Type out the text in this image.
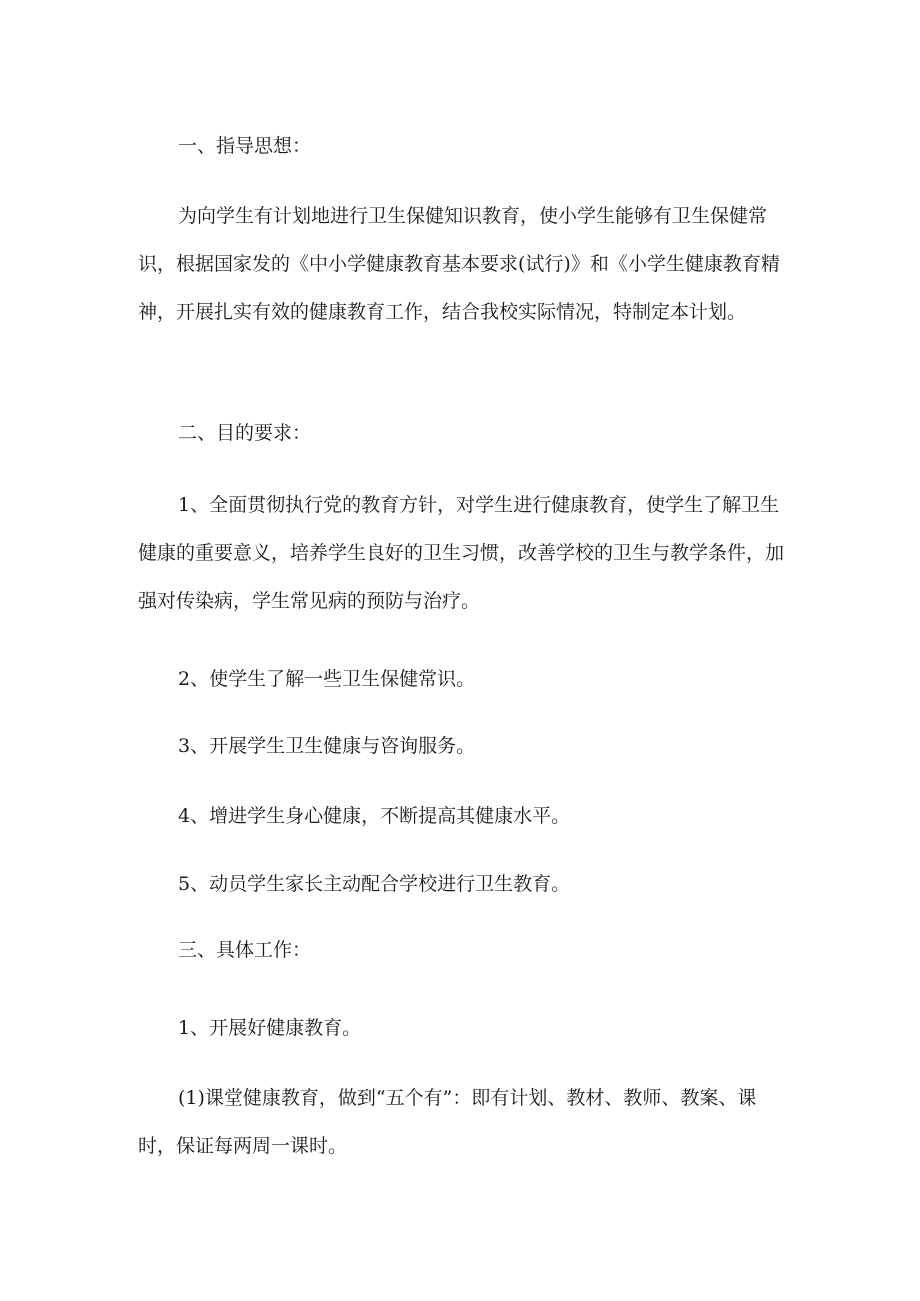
一、指导思想：

为向学生有计划地进行卫生保健知识教育，使小学生能够有卫生保健常识，根据国家发的《中小学健康教育基本要求(试行)》和《小学生健康教育精神，开展扎实有效的健康教育工作，结合我校实际情况，特制定本计划。

二、目的要求：

1、全面贯彻执行党的教育方针，对学生进行健康教育，使学生了解卫生健康的重要意义，培养学生良好的卫生习惯，改善学校的卫生与教学条件，加强对传染病，学生常见病的预防与治疗。

2、使学生了解一些卫生保健常识。

3、开展学生卫生健康与咨询服务。

4、增进学生身心健康，不断提高其健康水平。

5、动员学生家长主动配合学校进行卫生教育。

三、具体工作：

1、开展好健康教育。

(1)课堂健康教育，做到“五个有”：即有计划、教材、教师、教案、课时，保证每两周一课时。
